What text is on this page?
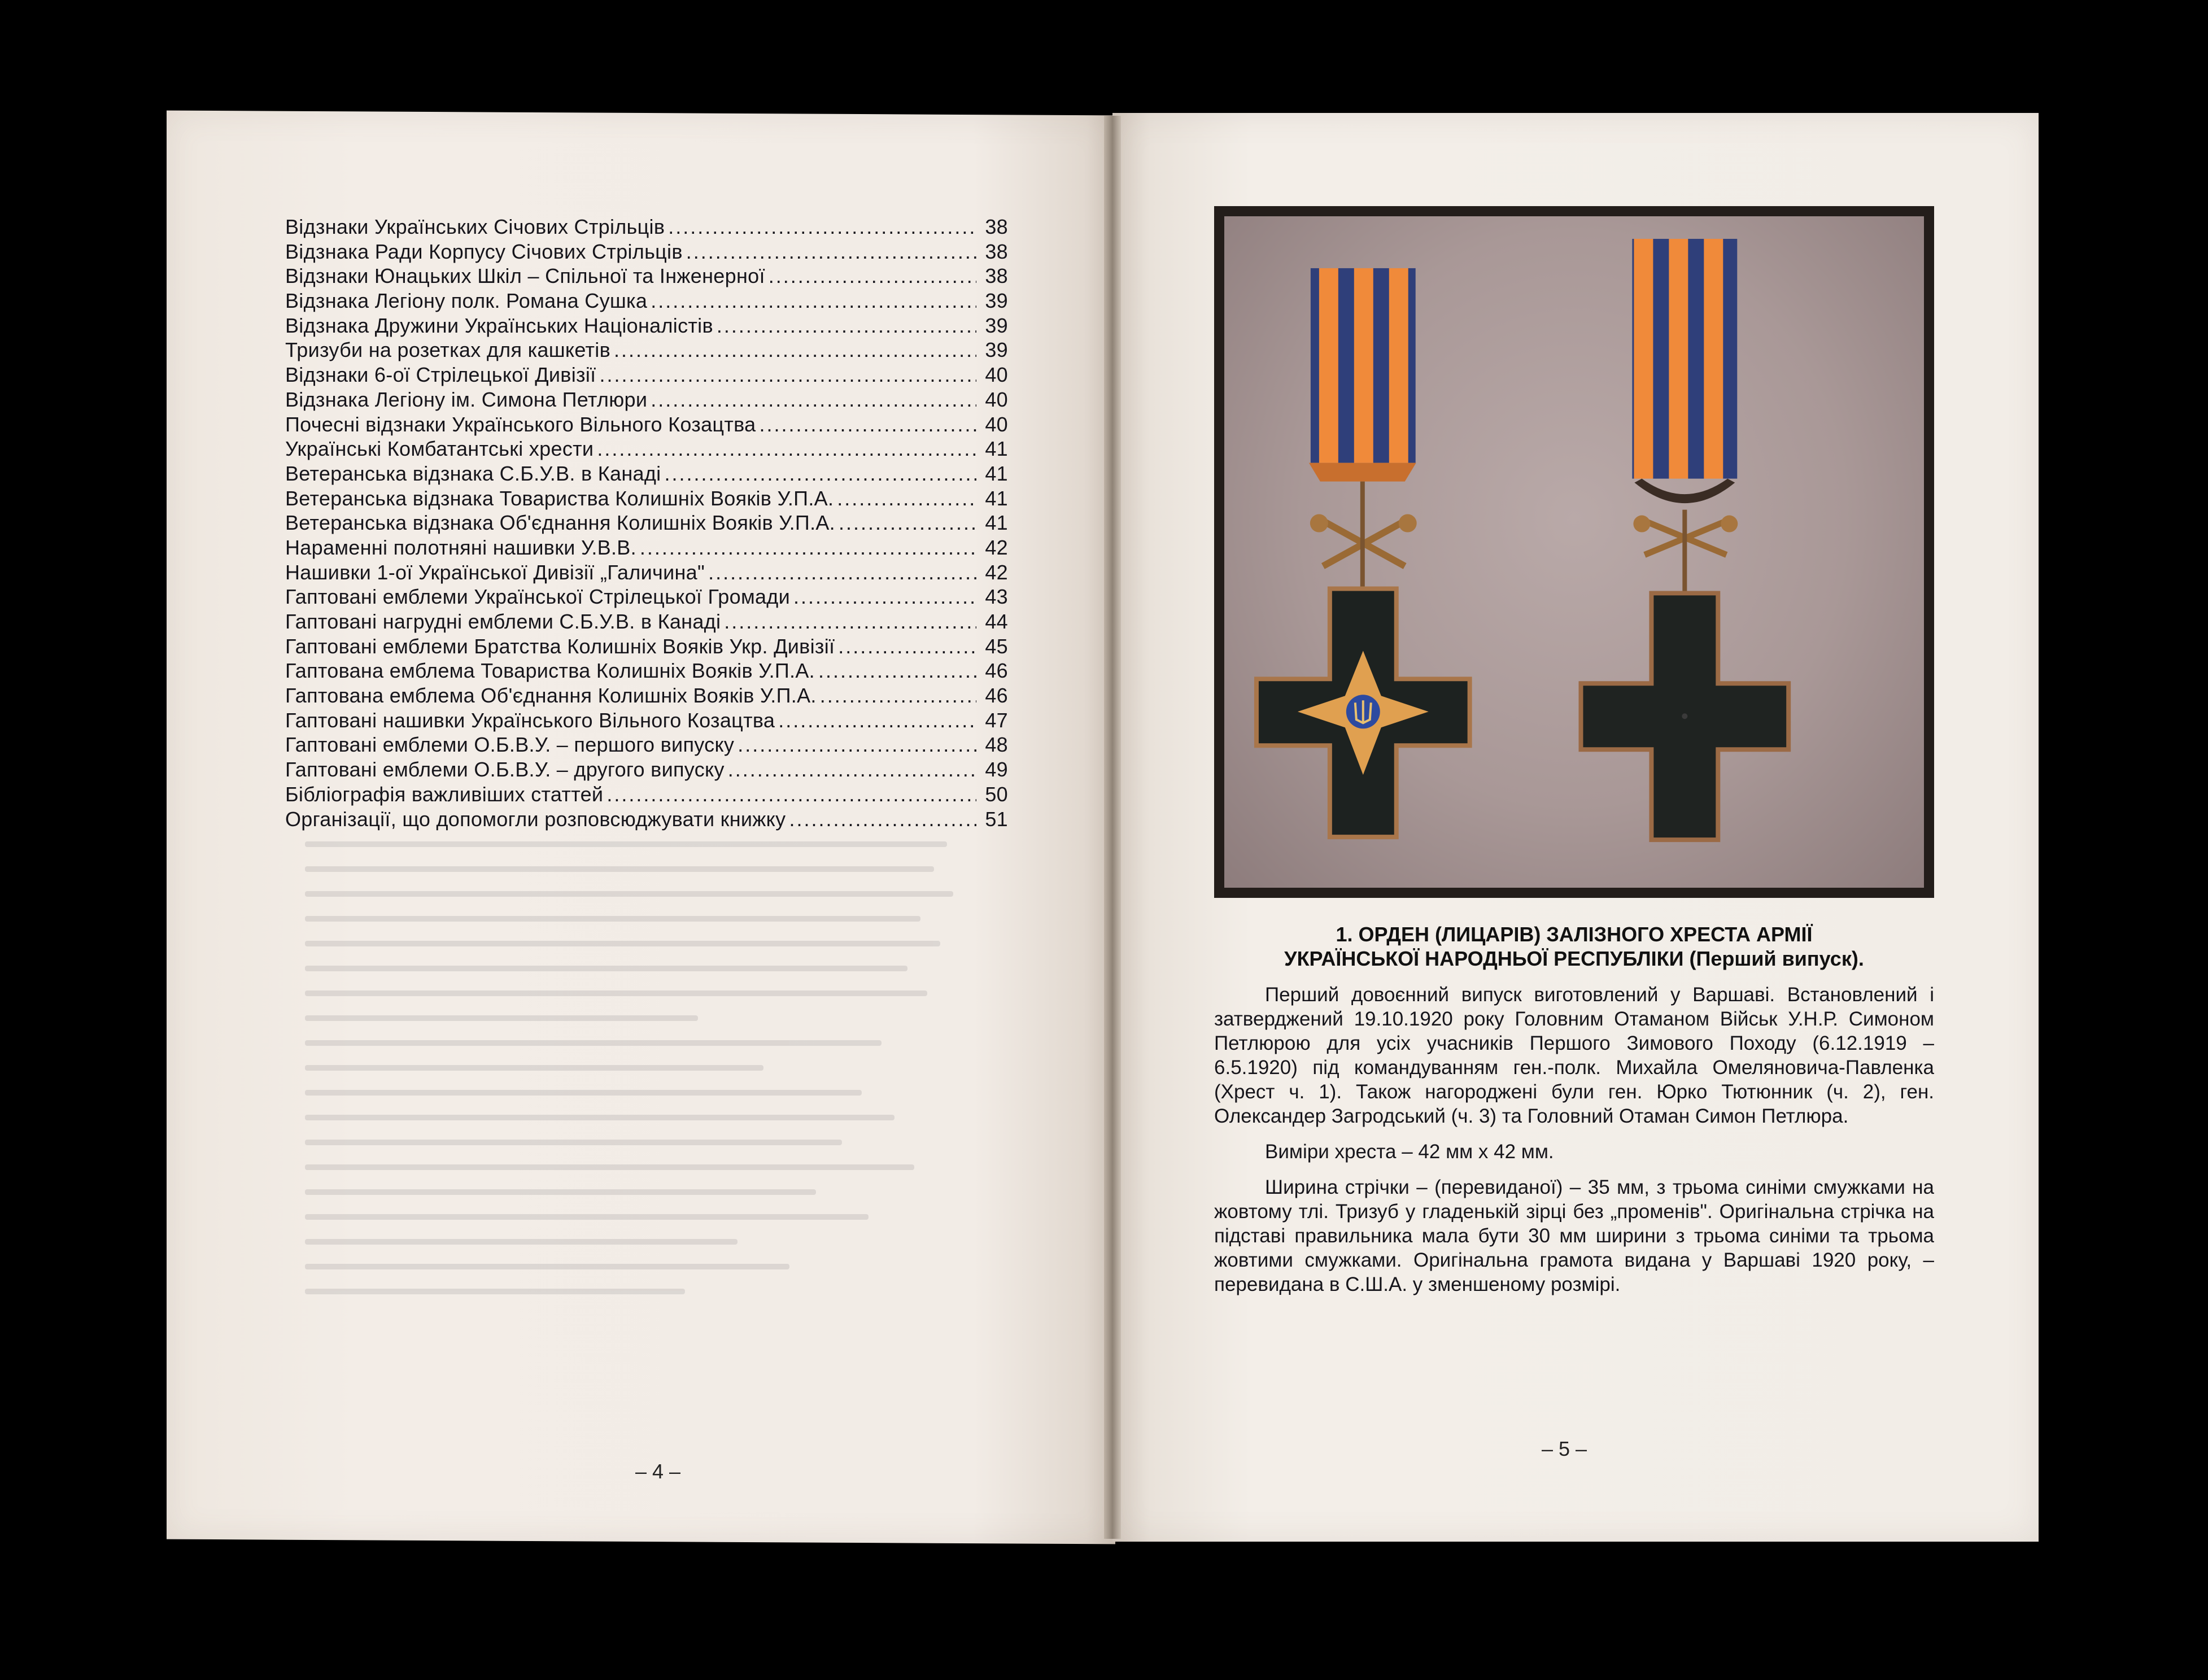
Відзнаки Українських Січових Стрільців .....	38
Відзнака Ради Корпусу Січових Стрільців .....	38
Відзнаки Юнацьких Шкіл – Спільної та Інженерної .....	38
Відзнака Легіону полк. Романа Сушка .....	39
Відзнака Дружини Українських Націоналістів .....	39
Тризуби на розетках для кашкетів .....	39
Відзнаки 6-ої Стрілецької Дивізії .....	40
Відзнака Легіону ім. Симона Петлюри .....	40
Почесні відзнаки Українського Вільного Козацтва .....	40
Українські Комбатантські хрести .....	41
Ветеранська відзнака С.Б.У.В. в Канаді .....	41
Ветеранська відзнака Товариства Колишніх Вояків У.П.А. .....	41
Ветеранська відзнака Об'єднання Колишніх Вояків У.П.А. .....	41
Нараменні полотняні нашивки У.В.В. .....	42
Нашивки 1-ої Української Дивізії „Галичина" .....	42
Гаптовані емблеми Української Стрілецької Громади .....	43
Гаптовані нагрудні емблеми С.Б.У.В. в Канаді .....	44
Гаптовані емблеми Братства Колишніх Вояків Укр. Дивізії .....	45
Гаптована емблема Товариства Колишніх Вояків У.П.А. .....	46
Гаптована емблема Об'єднання Колишніх Вояків У.П.А. .....	46
Гаптовані нашивки Українського Вільного Козацтва .....	47
Гаптовані емблеми О.Б.В.У. – першого випуску .....	48
Гаптовані емблеми О.Б.В.У. – другого випуску .....	49
Бібліографія важливіших статтей .....	50
Організації, що допомогли розповсюджувати книжку .....	51
– 4 –
1. ОРДЕН (ЛИЦАРІВ) ЗАЛІЗНОГО ХРЕСТА АРМІЇ
УКРАЇНСЬКОЇ НАРОДНЬОЇ РЕСПУБЛІКИ (Перший випуск).

Перший довоєнний випуск виготовлений у Варшаві. Встановлений і затверджений 19.10.1920 року Головним Отаманом Військ У.Н.Р. Симоном Петлюрою для усіх учасників Першого Зимового Походу (6.12.1919 – 6.5.1920) під командуванням ген.-полк. Михайла Омеляновича-Павленка (Хрест ч. 1). Також нагороджені були ген. Юрко Тютюнник (ч. 2), ген. Олександер Загродський (ч. 3) та Головний Отаман Симон Петлюра.

Виміри хреста – 42 мм x 42 мм.

Ширина стрічки – (перевиданої) – 35 мм, з трьома синіми смужками на жовтому тлі. Тризуб у гладенькій зірці без „променів". Оригінальна стрічка на підставі правильника мала бути 30 мм ширини з трьома синіми та трьома жовтими смужками. Оригінальна грамота видана у Варшаві 1920 року, – перевидана в С.Ш.А. у зменшеному розмірі.

– 5 –
